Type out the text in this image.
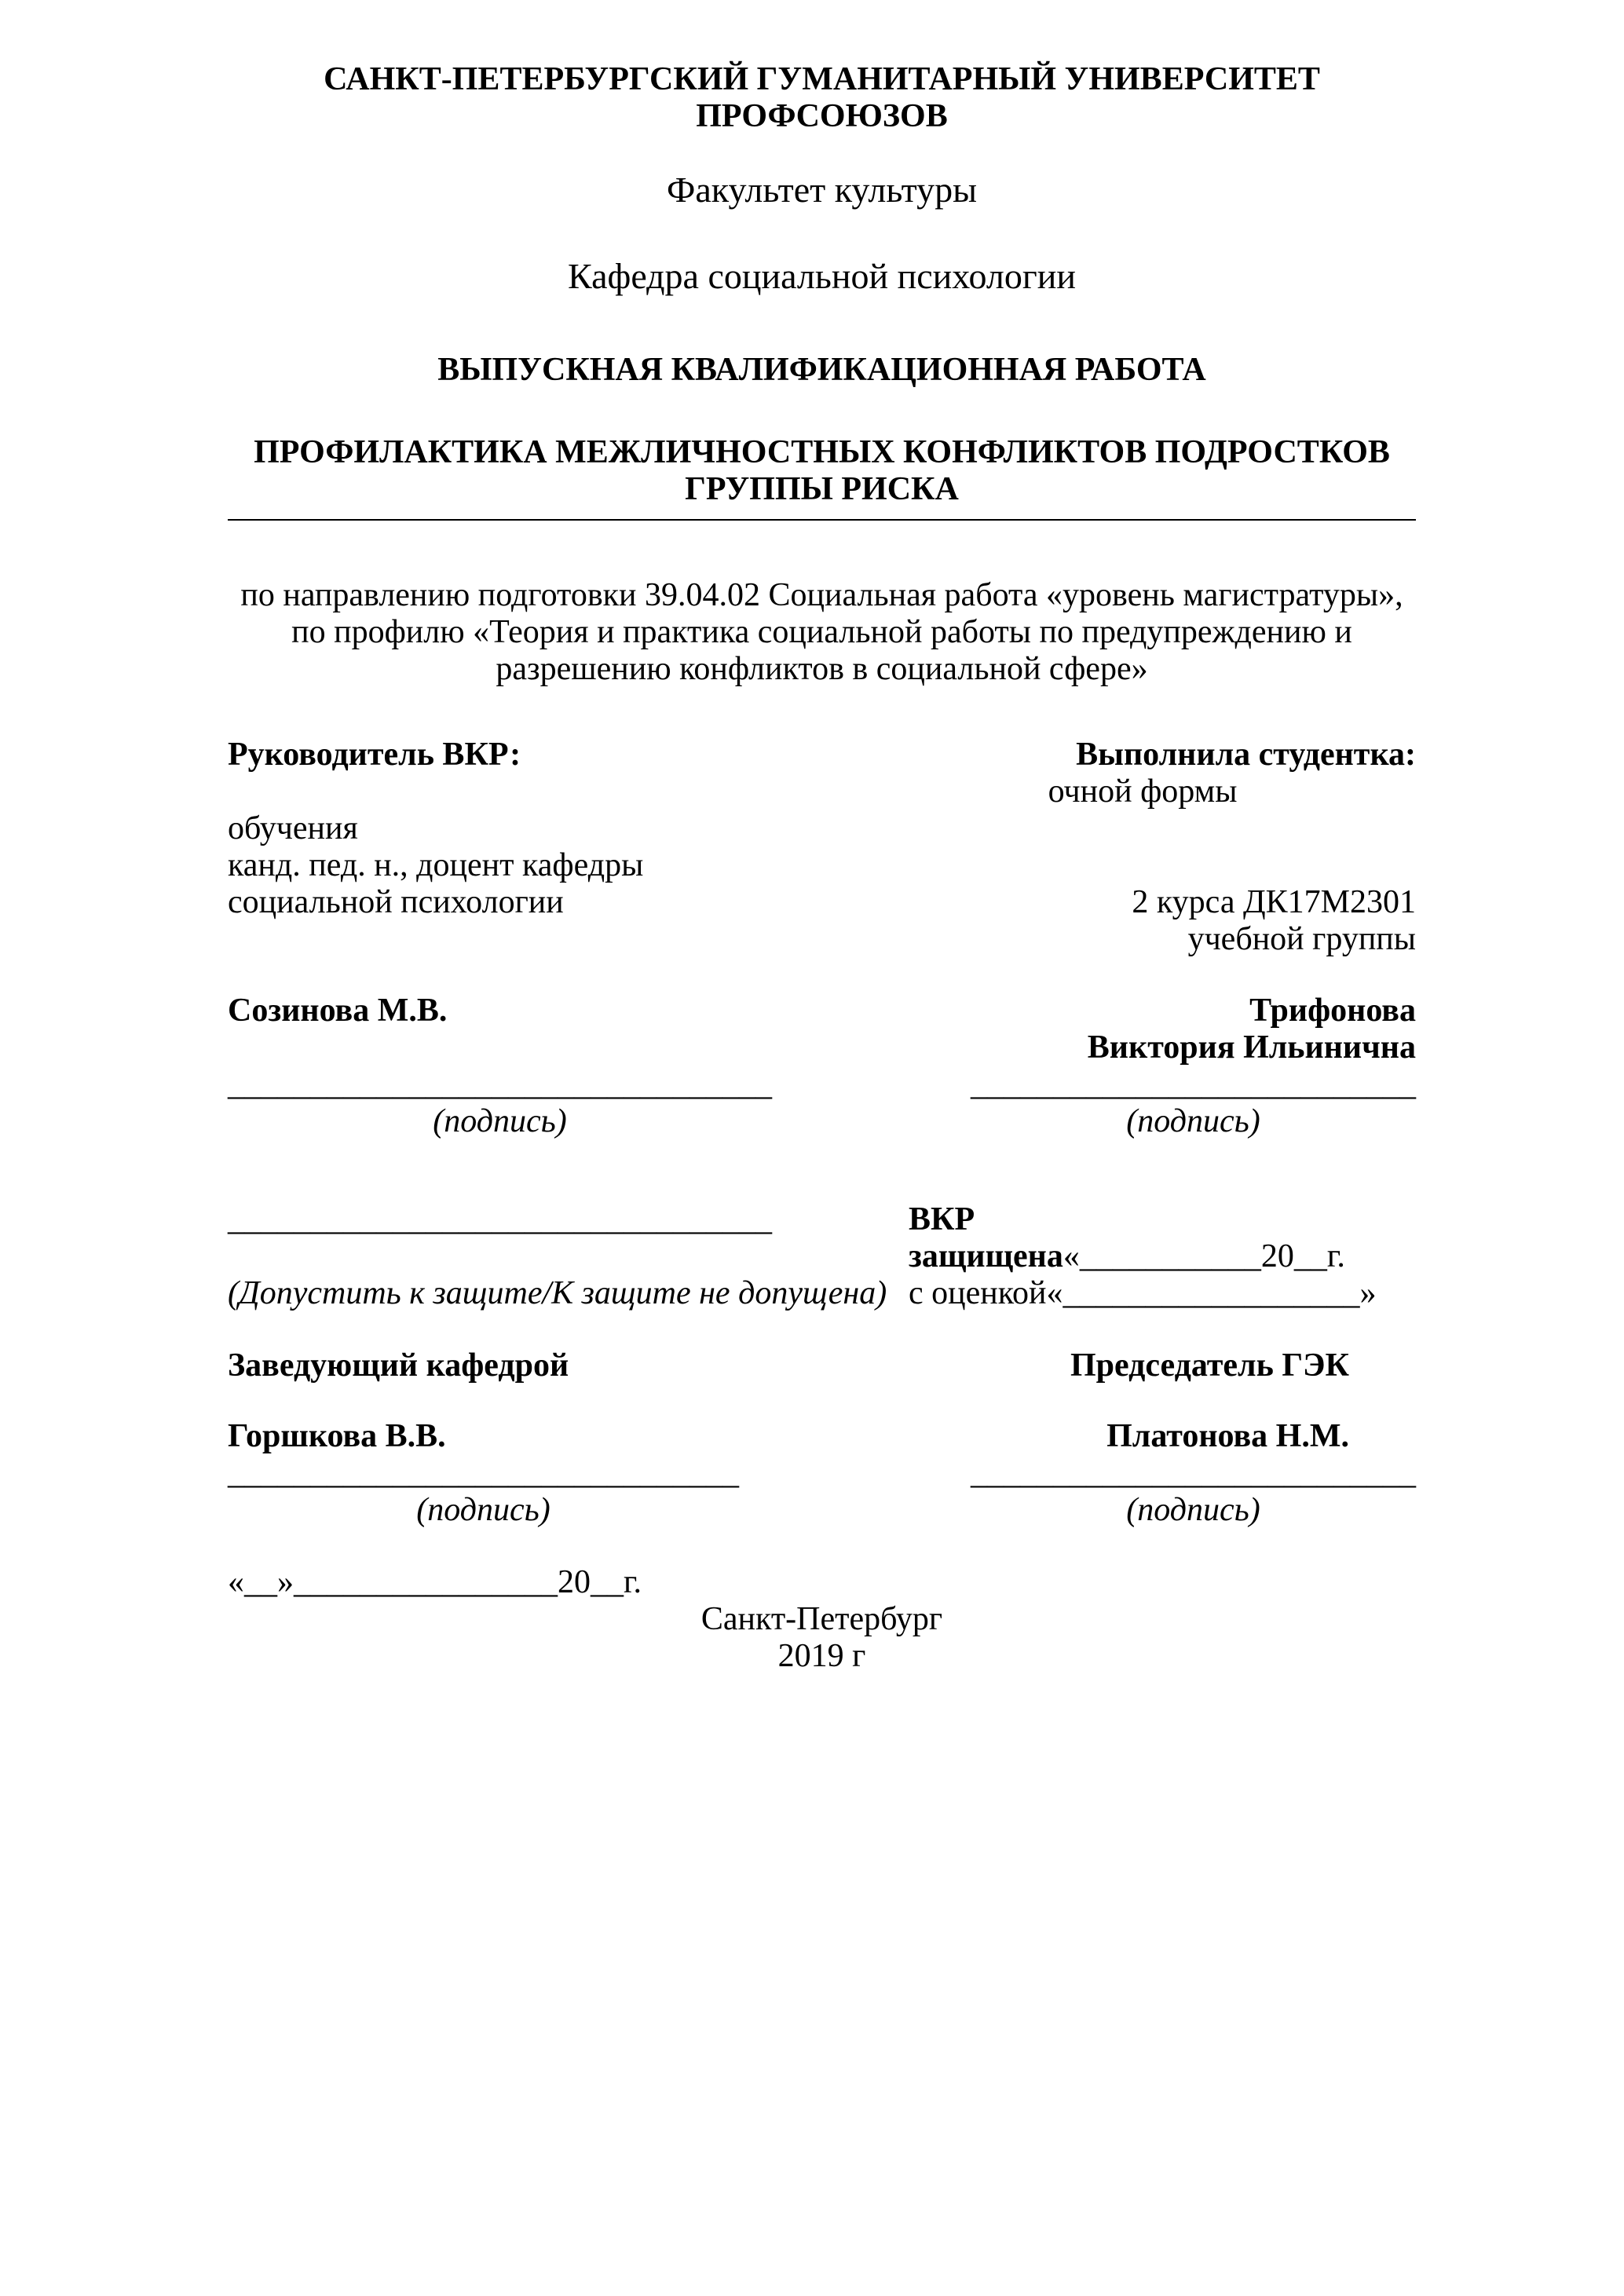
САНКТ-ПЕТЕРБУРГСКИЙ ГУМАНИТАРНЫЙ УНИВЕРСИТЕТ
ПРОФСОЮЗОВ

Факультет культуры

Кафедра социальной психологии

ВЫПУСКНАЯ КВАЛИФИКАЦИОННАЯ РАБОТА

ПРОФИЛАКТИКА МЕЖЛИЧНОСТНЫХ КОНФЛИКТОВ ПОДРОСТКОВ
ГРУППЫ РИСКА
по направлению подготовки 39.04.02 Социальная работа «уровень магистратуры»,
по профилю «Теория и практика социальной работы по предупреждению и
разрешению конфликтов в социальной сфере»
Руководитель ВКР:	Выполнила студентка:
очной формы
обучения
канд. пед. н., доцент кафедры
социальной психологии	2 курса ДК17М2301
учебной группы
Созинова М.В.	Трифонова
Виктория Ильинична
_________________________________
(подпись)
___________________________
(подпись)
_________________________________	ВКР защищена«___________20__г.
(Допустить к защите/К защите не допущена) с оценкой«__________________»
Заведующий кафедрой	Председатель ГЭК
Горшкова В.В.	Платонова Н.М.
_______________________________
(подпись)
___________________________
(подпись)
«__»________________20__г.
Санкт-Петербург
2019 г
